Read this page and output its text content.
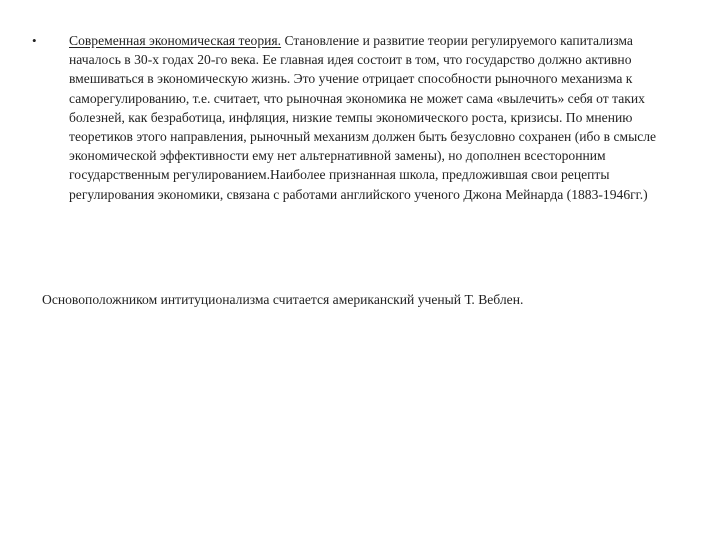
•	Современная экономическая теория. Становление и развитие теории регулируемого капитализма началось в 30-х годах 20-го века. Ее главная идея состоит в том, что государство должно активно вмешиваться в экономическую жизнь. Это учение отрицает способности рыночного механизма к саморегулированию, т.е. считает, что рыночная экономика не может сама «вылечить» себя от таких болезней, как безработица, инфляция, низкие темпы экономического роста, кризисы. По мнению теоретиков этого направления, рыночный механизм должен быть безусловно сохранен (ибо в смысле экономической эффективности ему нет альтернативной замены), но дополнен всесторонним государственным регулированием.Наиболее признанная школа, предложившая свои рецепты регулирования экономики, связана с работами английского ученого Джона Мейнарда (1883-1946гг.)
Основоположником интитуционализма считается американский ученый Т. Веблен.
